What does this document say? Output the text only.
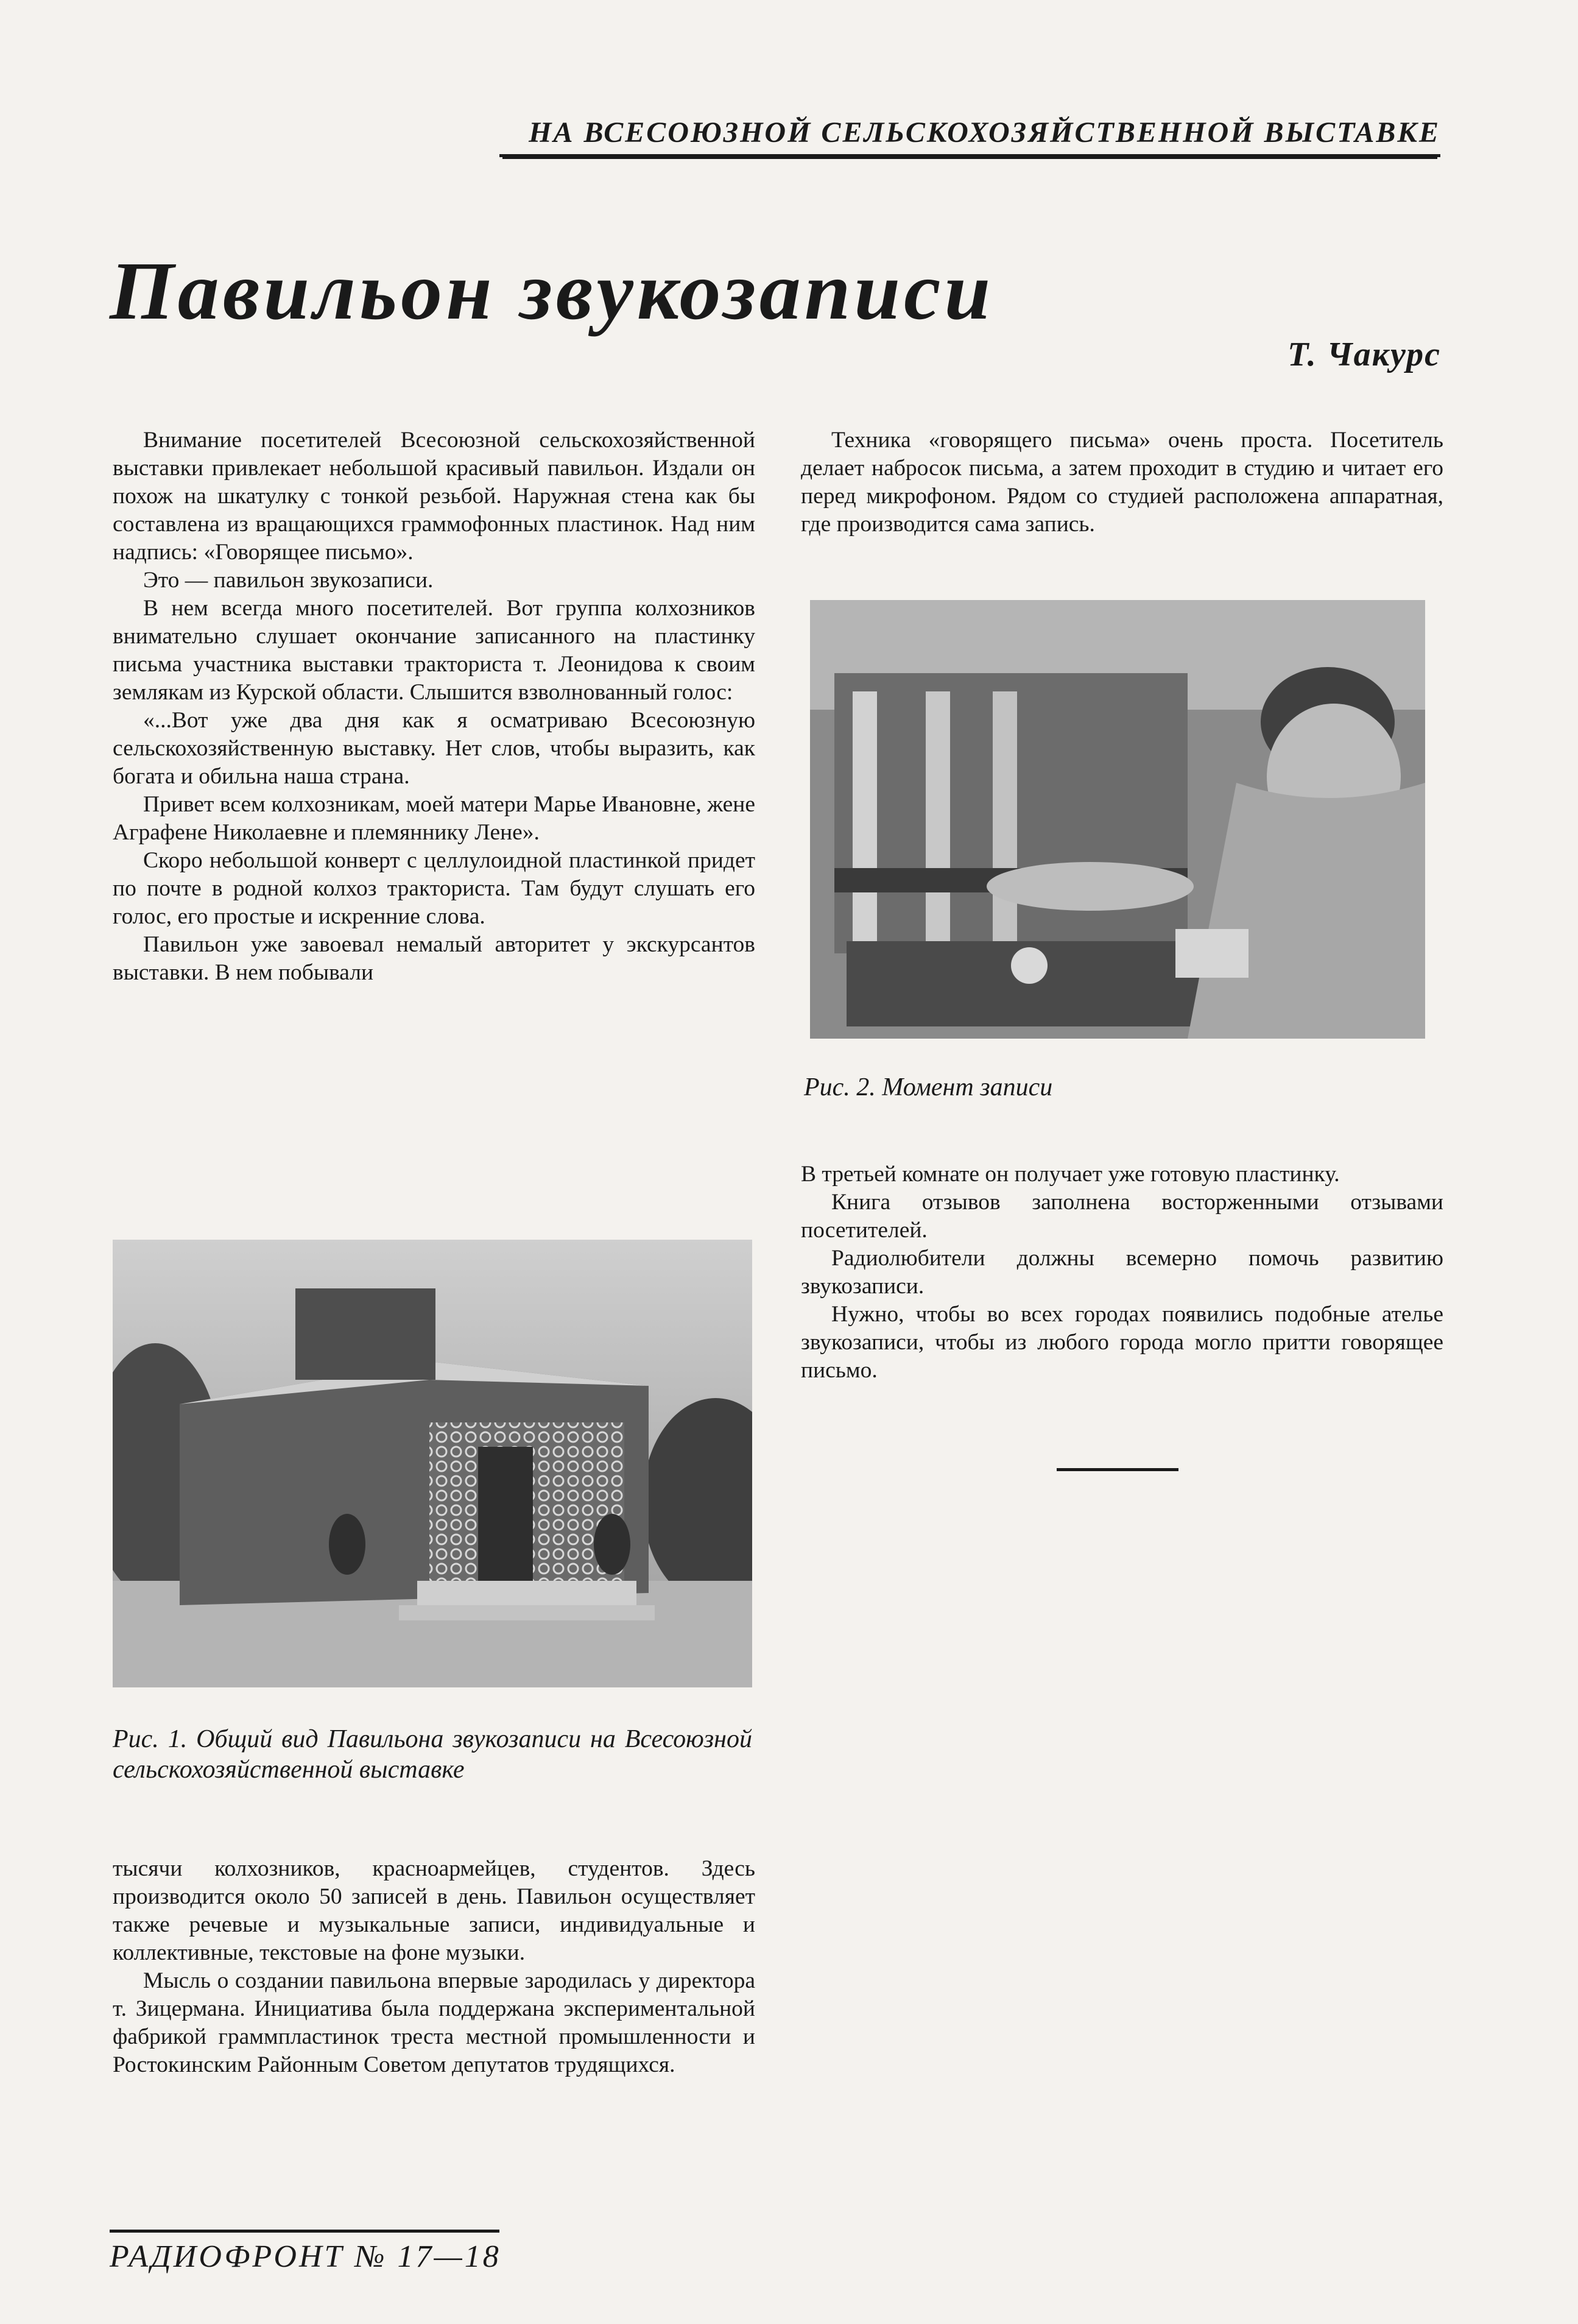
НА ВСЕСОЮЗНОЙ СЕЛЬСКОХОЗЯЙСТВЕННОЙ ВЫСТАВКЕ
Павильон звукозаписи
Т. Чакурс

Внимание посетителей Всесоюзной сельскохозяйственной выставки привлекает небольшой красивый павильон. Издали он похож на шкатулку с тонкой резьбой. Наружная стена как бы составлена из вращающихся граммофонных пластинок. Над ним надпись: «Говорящее письмо».

Это — павильон звукозаписи.

В нем всегда много посетителей. Вот группа колхозников внимательно слушает окончание записанного на пластинку письма участника выставки тракториста т. Леонидова к своим землякам из Курской области. Слышится взволнованный голос:

«...Вот уже два дня как я осматриваю Всесоюзную сельскохозяйственную выставку. Нет слов, чтобы выразить, как богата и обильна наша страна.

Привет всем колхозникам, моей матери Марье Ивановне, жене Аграфене Николаевне и племяннику Лене».

Скоро небольшой конверт с целлулоидной пластинкой придет по почте в родной колхоз тракториста. Там будут слушать его голос, его простые и искренние слова.

Павильон уже завоевал немалый авторитет у экскурсантов выставки. В нем побывали

Рис. 1. Общий вид Павильона звукозаписи на Всесоюзной сельскохозяйственной выставке

тысячи колхозников, красноармейцев, студентов. Здесь производится около 50 записей в день. Павильон осуществляет также речевые и музыкальные записи, индивидуальные и коллективные, текстовые на фоне музыки.

Мысль о создании павильона впервые зародилась у директора т. Зицермана. Инициатива была поддержана экспериментальной фабрикой граммпластинок треста местной промышленности и Ростокинским Районным Советом депутатов трудящихся.

Техника «говорящего письма» очень проста. Посетитель делает набросок письма, а затем проходит в студию и читает его перед микрофоном. Рядом со студией расположена аппаратная, где производится сама запись.

Рис. 2. Момент записи

В третьей комнате он получает уже готовую пластинку.

Книга отзывов заполнена восторженными отзывами посетителей.

Радиолюбители должны всемерно помочь развитию звукозаписи.

Нужно, чтобы во всех городах появились подобные ателье звукозаписи, чтобы из любого города могло притти говорящее письмо.

РАДИОФРОНТ № 17—18
